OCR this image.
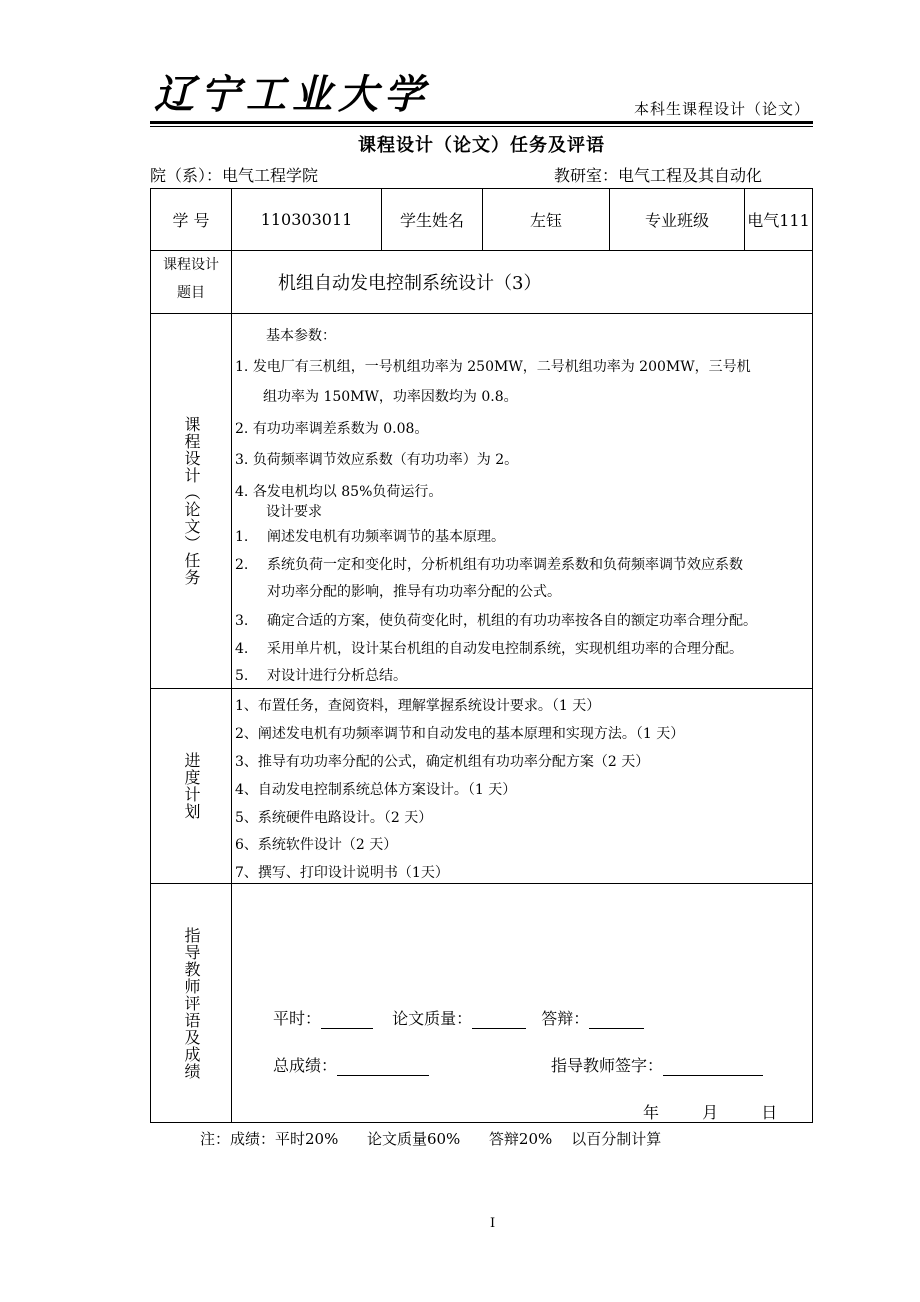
辽宁工业大学	本科生课程设计（论文）
课程设计（论文）任务及评语
院（系）：电气工程学院	教研室：电气工程及其自动化
学 号	110303011	学生姓名	左钰	专业班级	电气111
课程设计
题目	机组自动发电控制系统设计（3）
课程设计（论文）任务
基本参数：
1. 发电厂有三机组，一号机组功率为 250MW，二号机组功率为 200MW，三号机
组功率为 150MW，功率因数均为 0.8。
2. 有功功率调差系数为 0.08。
3. 负荷频率调节效应系数（有功功率）为 2。
4. 各发电机均以 85%负荷运行。
设计要求
1. 阐述发电机有功频率调节的基本原理。
2. 系统负荷一定和变化时，分析机组有功功率调差系数和负荷频率调节效应系数
对功率分配的影响，推导有功功率分配的公式。
3. 确定合适的方案，使负荷变化时，机组的有功功率按各自的额定功率合理分配。
4. 采用单片机，设计某台机组的自动发电控制系统，实现机组功率的合理分配。
5. 对设计进行分析总结。
进度计划
1、布置任务，查阅资料，理解掌握系统设计要求。（1 天）
2、阐述发电机有功频率调节和自动发电的基本原理和实现方法。（1 天）
3、推导有功功率分配的公式，确定机组有功功率分配方案（2 天）
4、自动发电控制系统总体方案设计。（1 天）
5、系统硬件电路设计。（2 天）
6、系统软件设计（2 天）
7、撰写、打印设计说明书（1天）
指导教师评语及成绩	平时：	论文质量：	答辩：
总成绩：	指导教师签字：
年	月	日
注：成绩：平时20%      论文质量60%      答辩20%    以百分制计算
I
